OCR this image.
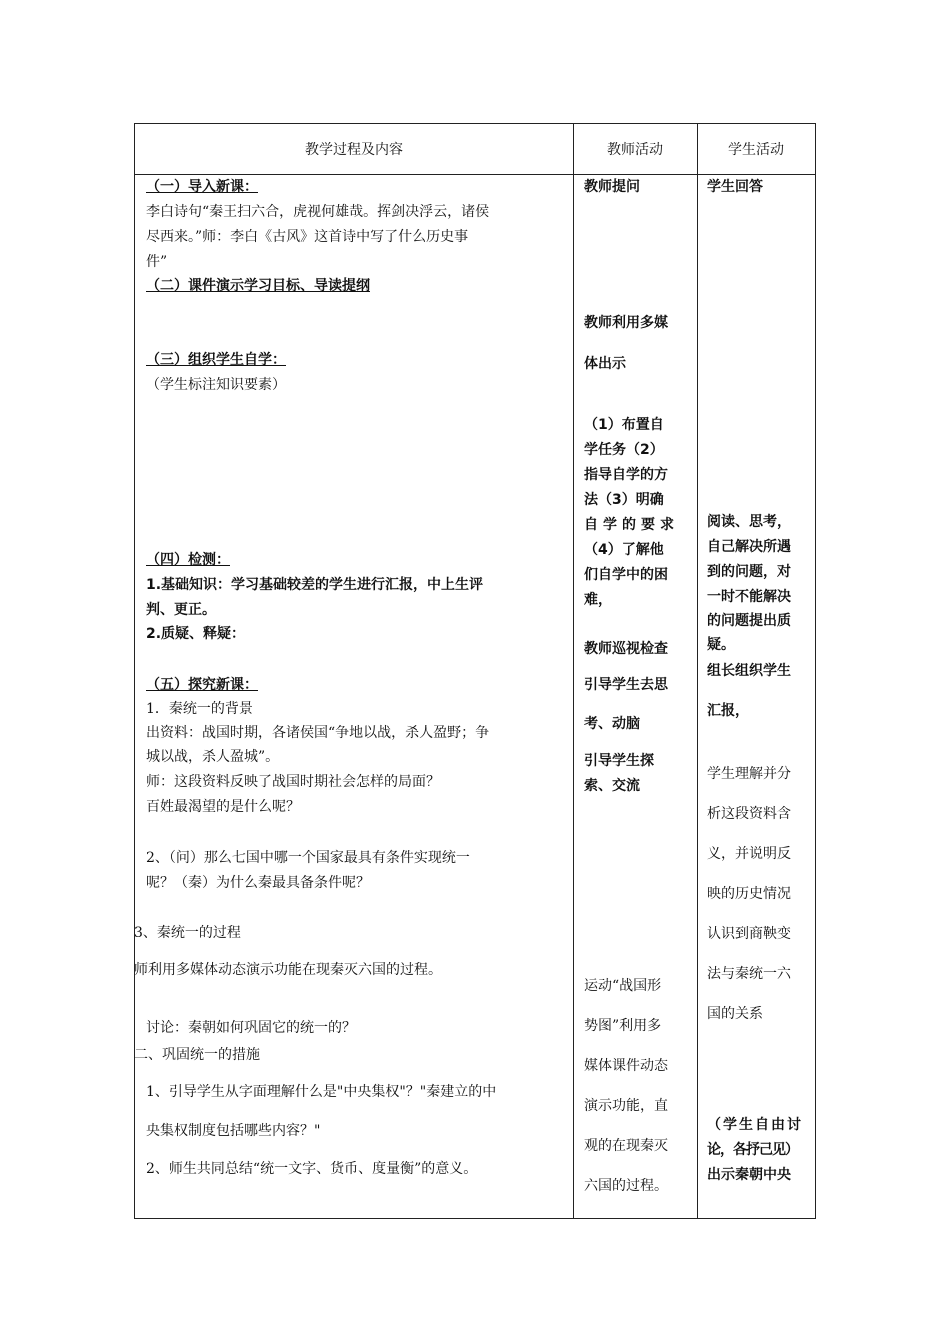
教学过程及内容	教师活动	学生活动
（一）导入新课：
李白诗句“秦王扫六合，虎视何雄哉。挥剑决浮云，诸侯
尽西来。”师：李白《古风》这首诗中写了什么历史事
件”
（二）课件演示学习目标、导读提纲
（三）组织学生自学：
（学生标注知识要素）
（四）检测：
1.基础知识：学习基础较差的学生进行汇报，中上生评
判、更正。
2.质疑、释疑：
（五）探究新课：
1．秦统一的背景
出资料：战国时期，各诸侯国“争地以战，杀人盈野；争
城以战，杀人盈城”。
师：这段资料反映了战国时期社会怎样的局面？
百姓最渴望的是什么呢？
2、（问）那么七国中哪一个国家最具有条件实现统一
呢？（秦）为什么秦最具备条件呢？
3、秦统一的过程
师利用多媒体动态演示功能在现秦灭六国的过程。
讨论：秦朝如何巩固它的统一的？
二、巩固统一的措施
1、引导学生从字面理解什么是"中央集权"？"秦建立的中
央集权制度包括哪些内容？"
2、师生共同总结“统一文字、货币、度量衡”的意义。
教师提问
教师利用多媒
体出示
（1）布置自
学任务（2）
指导自学的方
法（3）明确
自学的要求
（4）了解他
们自学中的困
难，
教师巡视检查
引导学生去思
考、动脑
引导学生探
索、交流
运动“战国形
势图”利用多
媒体课件动态
演示功能，直
观的在现秦灭
六国的过程。
学生回答
阅读、思考，
自己解决所遇
到的问题，对
一时不能解决
的问题提出质
疑。
组长组织学生
汇报，
学生理解并分
析这段资料含
义，并说明反
映的历史情况
认识到商鞅变
法与秦统一六
国的关系
（学生自由讨
论，各抒己见）
出示秦朝中央
